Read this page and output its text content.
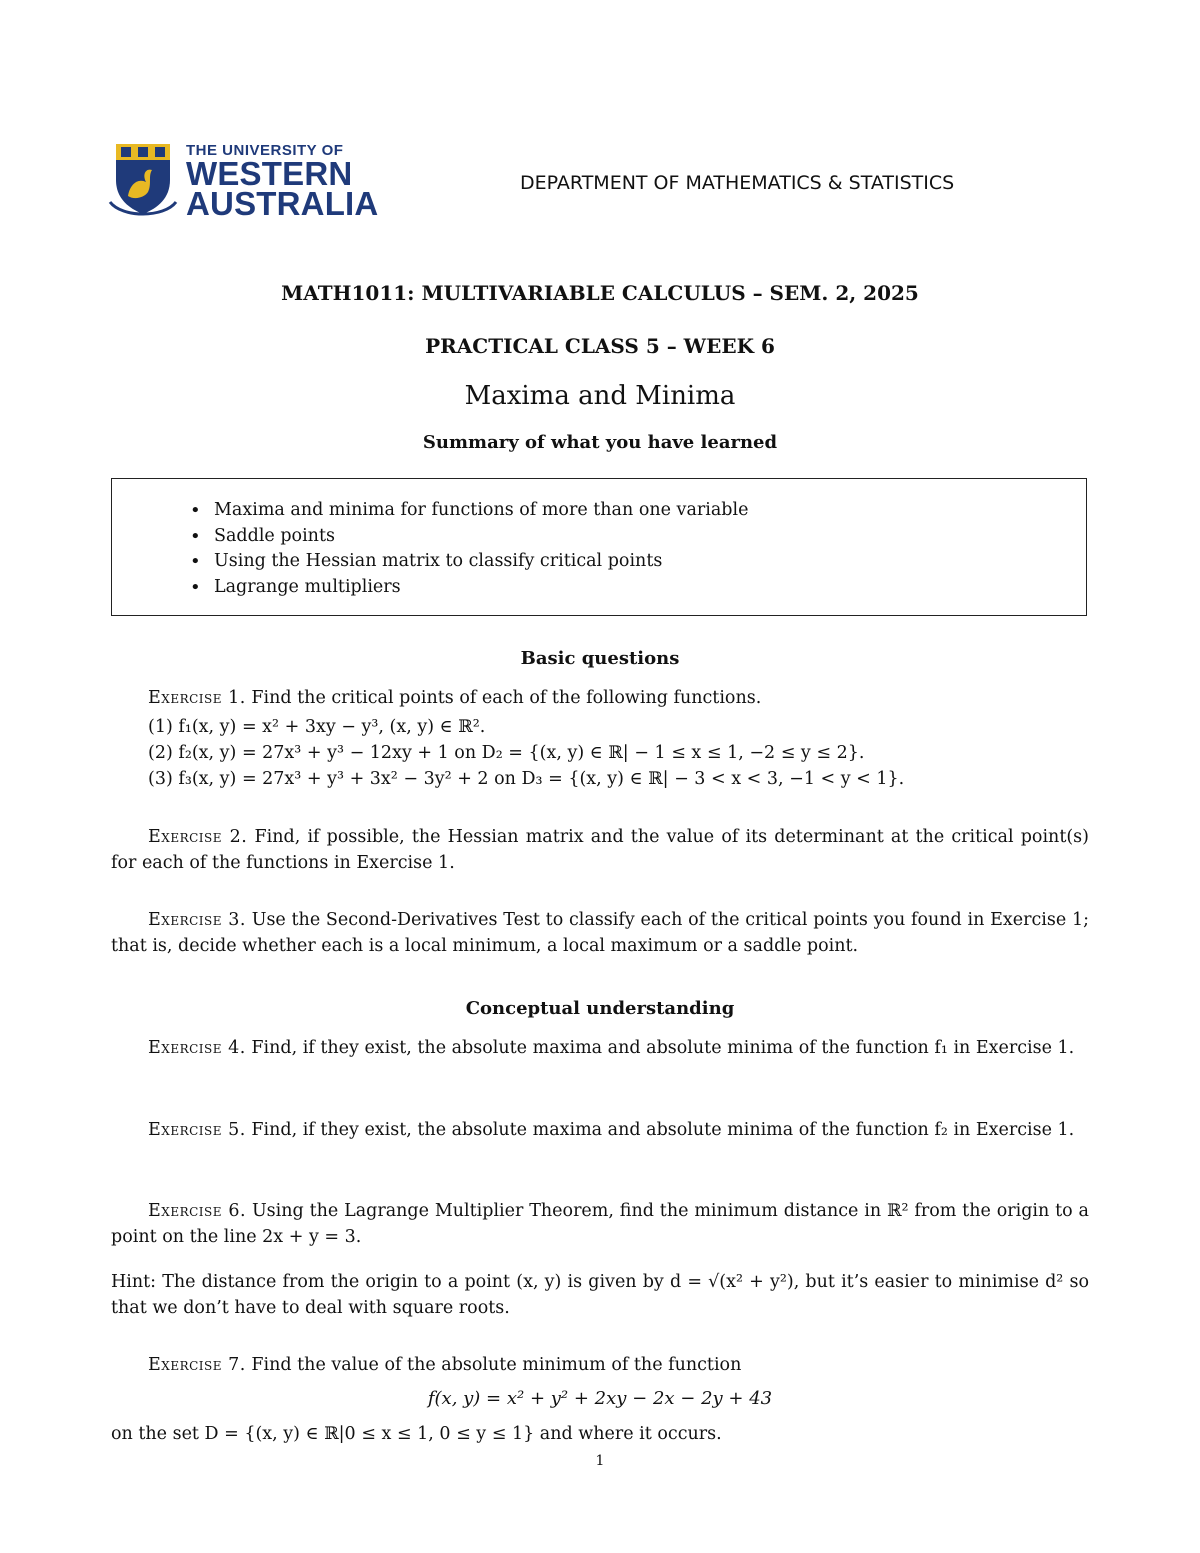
THE UNIVERSITY OF
WESTERN
AUSTRALIA
DEPARTMENT OF MATHEMATICS & STATISTICS
MATH1011: MULTIVARIABLE CALCULUS – SEM. 2, 2025
PRACTICAL CLASS 5 – WEEK 6
Maxima and Minima
Summary of what you have learned
• Maxima and minima for functions of more than one variable
• Saddle points
• Using the Hessian matrix to classify critical points
• Lagrange multipliers
Basic questions
Exercise 1. Find the critical points of each of the following functions.
(1) f₁(x, y) = x² + 3xy − y³, (x, y) ∈ ℝ².
(2) f₂(x, y) = 27x³ + y³ − 12xy + 1 on D₂ = {(x, y) ∈ ℝ| − 1 ≤ x ≤ 1, −2 ≤ y ≤ 2}.
(3) f₃(x, y) = 27x³ + y³ + 3x² − 3y² + 2 on D₃ = {(x, y) ∈ ℝ| − 3 < x < 3, −1 < y < 1}.
Exercise 2. Find, if possible, the Hessian matrix and the value of its determinant at the critical point(s) for each of the functions in Exercise 1.
Exercise 3. Use the Second-Derivatives Test to classify each of the critical points you found in Exercise 1; that is, decide whether each is a local minimum, a local maximum or a saddle point.
Conceptual understanding
Exercise 4. Find, if they exist, the absolute maxima and absolute minima of the function f₁ in Exercise 1.
Exercise 5. Find, if they exist, the absolute maxima and absolute minima of the function f₂ in Exercise 1.
Exercise 6. Using the Lagrange Multiplier Theorem, find the minimum distance in ℝ² from the origin to a point on the line 2x + y = 3.
Hint: The distance from the origin to a point (x, y) is given by d = √(x² + y²), but it’s easier to minimise d² so that we don’t have to deal with square roots.
Exercise 7. Find the value of the absolute minimum of the function
f(x, y) = x² + y² + 2xy − 2x − 2y + 43
on the set D = {(x, y) ∈ ℝ|0 ≤ x ≤ 1, 0 ≤ y ≤ 1} and where it occurs.
1
